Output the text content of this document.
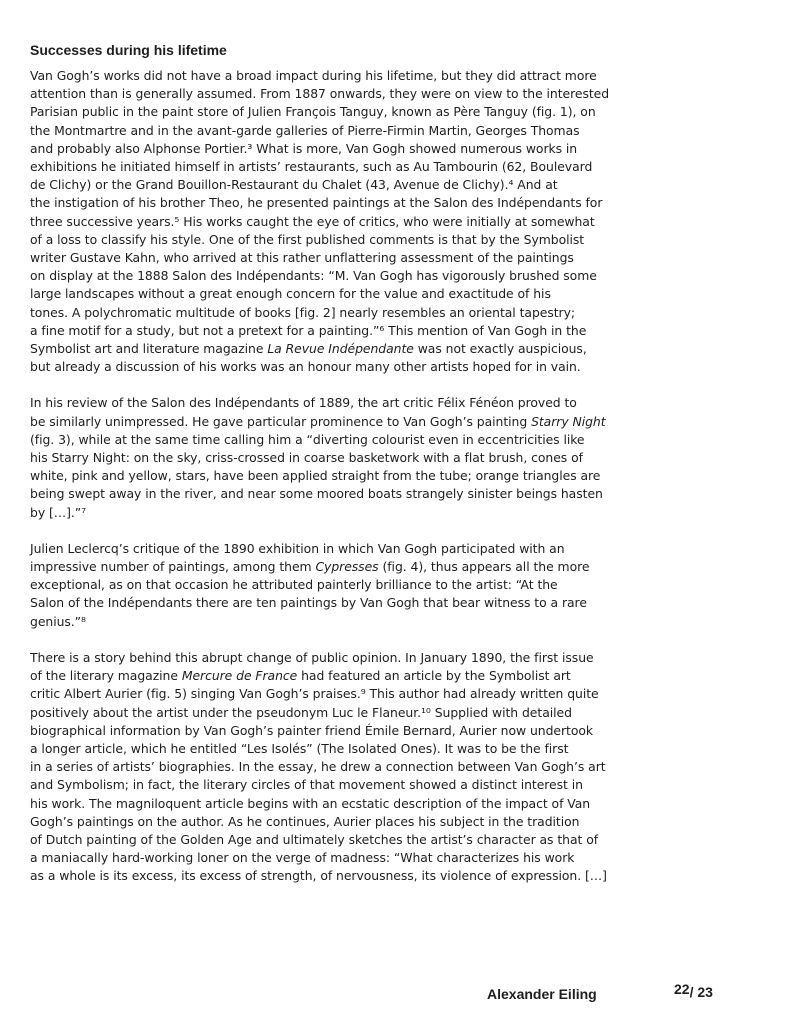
Successes during his lifetime
Van Gogh’s works did not have a broad impact during his lifetime, but they did attract more
attention than is generally assumed. From 1887 onwards, they were on view to the interested
Parisian public in the paint store of Julien François Tanguy, known as Père Tanguy (fig. 1), on
the Montmartre and in the avant-garde galleries of Pierre-Firmin Martin, Georges Thomas
and probably also Alphonse Portier.³ What is more, Van Gogh showed numerous works in
exhibitions he initiated himself in artists’ restaurants, such as Au Tambourin (62, Boulevard
de Clichy) or the Grand Bouillon-Restaurant du Chalet (43, Avenue de Clichy).⁴ And at
the instigation of his brother Theo, he presented paintings at the Salon des Indépendants for
three successive years.⁵ His works caught the eye of critics, who were initially at somewhat
of a loss to classify his style. One of the first published comments is that by the Symbolist
writer Gustave Kahn, who arrived at this rather unflattering assessment of the paintings
on display at the 1888 Salon des Indépendants: “M. Van Gogh has vigorously brushed some
large landscapes without a great enough concern for the value and exactitude of his
tones. A polychromatic multitude of books [fig. 2] nearly resembles an oriental tapestry;
a fine motif for a study, but not a pretext for a painting.”⁶ This mention of Van Gogh in the
Symbolist art and literature magazine La Revue Indépendante was not exactly auspicious,
but already a discussion of his works was an honour many other artists hoped for in vain.
In his review of the Salon des Indépendants of 1889, the art critic Félix Fénéon proved to
be similarly unimpressed. He gave particular prominence to Van Gogh’s painting Starry Night
(fig. 3), while at the same time calling him a “diverting colourist even in eccentricities like
his Starry Night: on the sky, criss-crossed in coarse basketwork with a flat brush, cones of
white, pink and yellow, stars, have been applied straight from the tube; orange triangles are
being swept away in the river, and near some moored boats strangely sinister beings hasten
by […].”⁷
Julien Leclercq’s critique of the 1890 exhibition in which Van Gogh participated with an
impressive number of paintings, among them Cypresses (fig. 4), thus appears all the more
exceptional, as on that occasion he attributed painterly brilliance to the artist: “At the
Salon of the Indépendants there are ten paintings by Van Gogh that bear witness to a rare
genius.”⁸
There is a story behind this abrupt change of public opinion. In January 1890, the first issue
of the literary magazine Mercure de France had featured an article by the Symbolist art
critic Albert Aurier (fig. 5) singing Van Gogh’s praises.⁹ This author had already written quite
positively about the artist under the pseudonym Luc le Flaneur.¹⁰ Supplied with detailed
biographical information by Van Gogh’s painter friend Émile Bernard, Aurier now undertook
a longer article, which he entitled “Les Isolés” (The Isolated Ones). It was to be the first
in a series of artists’ biographies. In the essay, he drew a connection between Van Gogh’s art
and Symbolism; in fact, the literary circles of that movement showed a distinct interest in
his work. The magniloquent article begins with an ecstatic description of the impact of Van
Gogh’s paintings on the author. As he continues, Aurier places his subject in the tradition
of Dutch painting of the Golden Age and ultimately sketches the artist’s character as that of
a maniacally hard-working loner on the verge of madness: “What characterizes his work
as a whole is its excess, its excess of strength, of nervousness, its violence of expression. […]
Alexander Eiling	22/ 23
